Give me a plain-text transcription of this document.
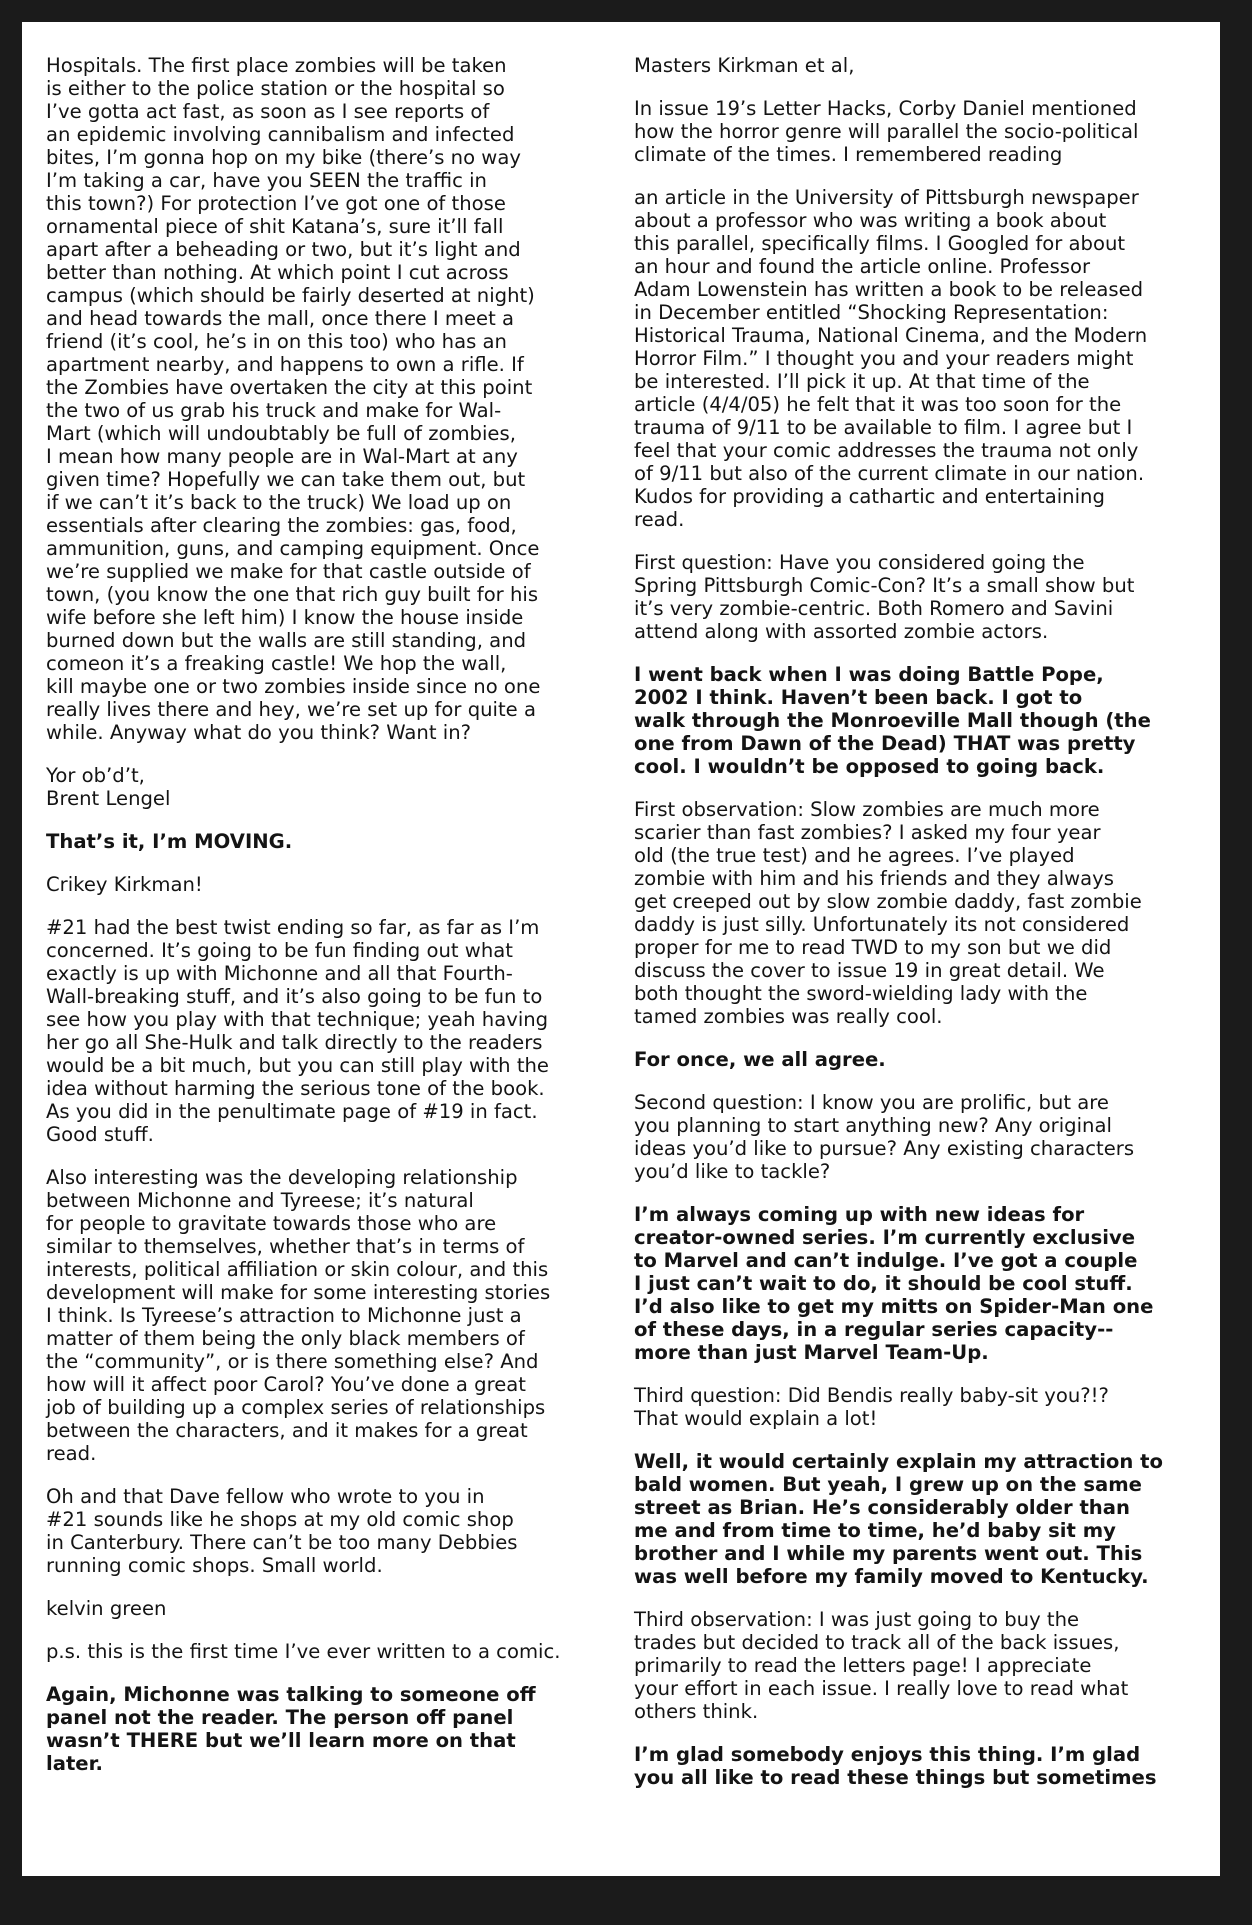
Hospitals. The first place zombies will be taken
is either to the police station or the hospital so
I’ve gotta act fast, as soon as I see reports of
an epidemic involving cannibalism and infected
bites, I’m gonna hop on my bike (there’s no way
I’m taking a car, have you SEEN the traffic in
this town?) For protection I’ve got one of those
ornamental piece of shit Katana’s, sure it’ll fall
apart after a beheading or two, but it’s light and
better than nothing. At which point I cut across
campus (which should be fairly deserted at night)
and head towards the mall, once there I meet a
friend (it’s cool, he’s in on this too) who has an
apartment nearby, and happens to own a rifle. If
the Zombies have overtaken the city at this point
the two of us grab his truck and make for Wal-
Mart (which will undoubtably be full of zombies,
I mean how many people are in Wal-Mart at any
given time? Hopefully we can take them out, but
if we can’t it’s back to the truck) We load up on
essentials after clearing the zombies: gas, food,
ammunition, guns, and camping equipment. Once
we’re supplied we make for that castle outside of
town, (you know the one that rich guy built for his
wife before she left him) I know the house inside
burned down but the walls are still standing, and
comeon it’s a freaking castle! We hop the wall,
kill maybe one or two zombies inside since no one
really lives there and hey, we’re set up for quite a
while. Anyway what do you think? Want in?

Yor ob’d’t,
Brent Lengel

That’s it, I’m MOVING.

Crikey Kirkman!

#21 had the best twist ending so far, as far as I’m
concerned. It’s going to be fun finding out what
exactly is up with Michonne and all that Fourth-
Wall-breaking stuff, and it’s also going to be fun to
see how you play with that technique; yeah having
her go all She-Hulk and talk directly to the readers
would be a bit much, but you can still play with the
idea without harming the serious tone of the book.
As you did in the penultimate page of #19 in fact.
Good stuff.

Also interesting was the developing relationship
between Michonne and Tyreese; it’s natural
for people to gravitate towards those who are
similar to themselves, whether that’s in terms of
interests, political affiliation or skin colour, and this
development will make for some interesting stories
I think. Is Tyreese’s attraction to Michonne just a
matter of them being the only black members of
the “community”, or is there something else? And
how will it affect poor Carol? You’ve done a great
job of building up a complex series of relationships
between the characters, and it makes for a great
read.

Oh and that Dave fellow who wrote to you in
#21 sounds like he shops at my old comic shop
in Canterbury. There can’t be too many Debbies
running comic shops. Small world.

kelvin green

p.s. this is the first time I’ve ever written to a comic.

Again, Michonne was talking to someone off
panel not the reader. The person off panel
wasn’t THERE but we’ll learn more on that
later.

Masters Kirkman et al,

In issue 19’s Letter Hacks, Corby Daniel mentioned
how the horror genre will parallel the socio-political
climate of the times. I remembered reading

an article in the University of Pittsburgh newspaper
about a professor who was writing a book about
this parallel, specifically films. I Googled for about
an hour and found the article online. Professor
Adam Lowenstein has written a book to be released
in December entitled “Shocking Representation:
Historical Trauma, National Cinema, and the Modern
Horror Film.” I thought you and your readers might
be interested. I’ll pick it up. At that time of the
article (4/4/05) he felt that it was too soon for the
trauma of 9/11 to be available to film. I agree but I
feel that your comic addresses the trauma not only
of 9/11 but also of the current climate in our nation.
Kudos for providing a cathartic and entertaining
read.

First question: Have you considered going the
Spring Pittsburgh Comic-Con? It’s a small show but
it’s very zombie-centric. Both Romero and Savini
attend along with assorted zombie actors.

I went back when I was doing Battle Pope,
2002 I think. Haven’t been back. I got to
walk through the Monroeville Mall though (the
one from Dawn of the Dead) THAT was pretty
cool. I wouldn’t be opposed to going back.

First observation: Slow zombies are much more
scarier than fast zombies? I asked my four year
old (the true test) and he agrees. I’ve played
zombie with him and his friends and they always
get creeped out by slow zombie daddy, fast zombie
daddy is just silly. Unfortunately its not considered
proper for me to read TWD to my son but we did
discuss the cover to issue 19 in great detail. We
both thought the sword-wielding lady with the
tamed zombies was really cool.

For once, we all agree.

Second question: I know you are prolific, but are
you planning to start anything new? Any original
ideas you’d like to pursue? Any existing characters
you’d like to tackle?

I’m always coming up with new ideas for
creator-owned series. I’m currently exclusive
to Marvel and can’t indulge. I’ve got a couple
I just can’t wait to do, it should be cool stuff.
I’d also like to get my mitts on Spider-Man one
of these days, in a regular series capacity--
more than just Marvel Team-Up.

Third question: Did Bendis really baby-sit you?!?
That would explain a lot!

Well, it would certainly explain my attraction to
bald women. But yeah, I grew up on the same
street as Brian. He’s considerably older than
me and from time to time, he’d baby sit my
brother and I while my parents went out. This
was well before my family moved to Kentucky.

Third observation: I was just going to buy the
trades but decided to track all of the back issues,
primarily to read the letters page! I appreciate
your effort in each issue. I really love to read what
others think.

I’m glad somebody enjoys this thing. I’m glad
you all like to read these things but sometimes
